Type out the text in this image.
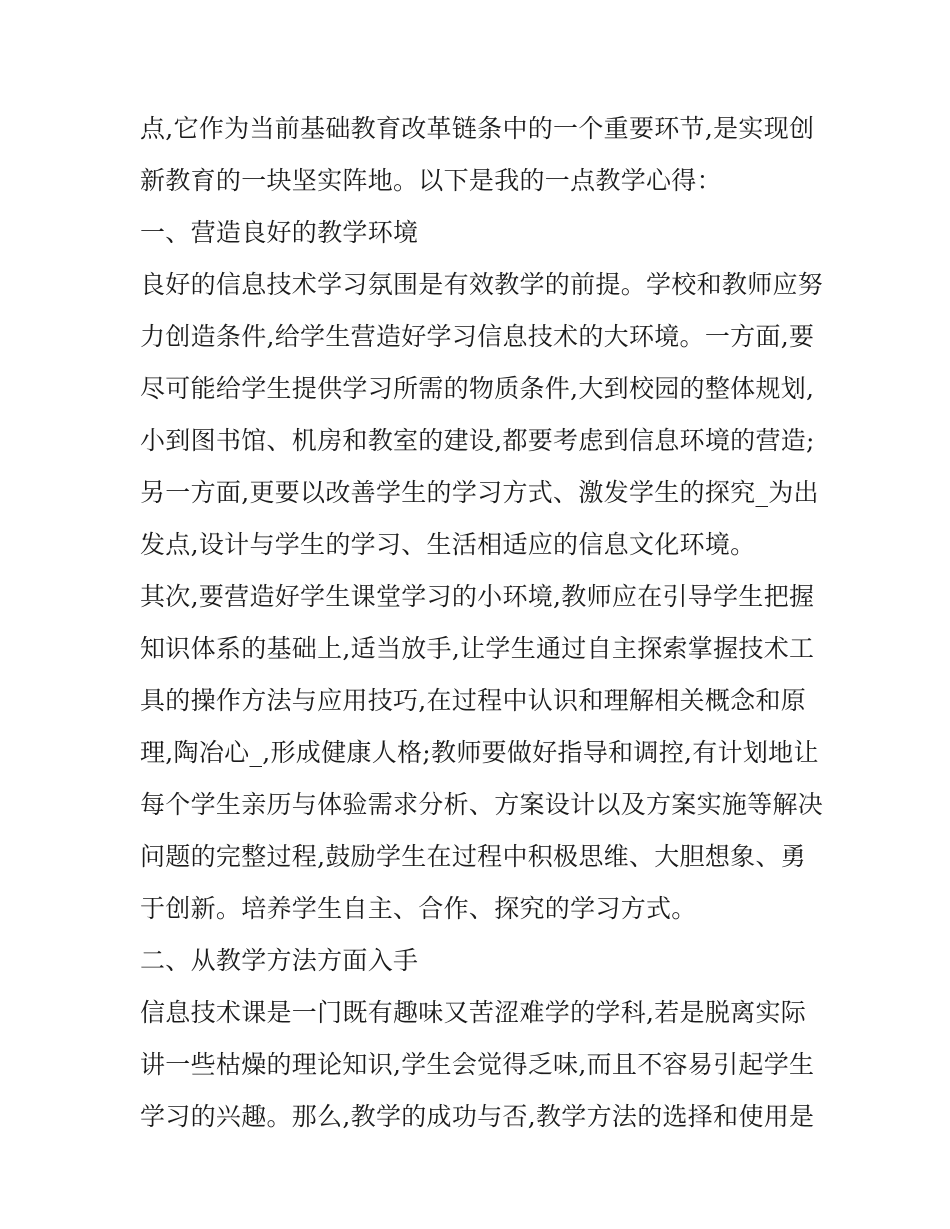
点,它作为当前基础教育改革链条中的一个重要环节,是实现创
新教育的一块坚实阵地。以下是我的一点教学心得：
一、营造良好的教学环境
良好的信息技术学习氛围是有效教学的前提。学校和教师应努
力创造条件,给学生营造好学习信息技术的大环境。一方面,要
尽可能给学生提供学习所需的物质条件,大到校园的整体规划,
小到图书馆、机房和教室的建设,都要考虑到信息环境的营造;
另一方面,更要以改善学生的学习方式、激发学生的探究_为出
发点,设计与学生的学习、生活相适应的信息文化环境。
其次,要营造好学生课堂学习的小环境,教师应在引导学生把握
知识体系的基础上,适当放手,让学生通过自主探索掌握技术工
具的操作方法与应用技巧,在过程中认识和理解相关概念和原
理,陶冶心_,形成健康人格;教师要做好指导和调控,有计划地让
每个学生亲历与体验需求分析、方案设计以及方案实施等解决
问题的完整过程,鼓励学生在过程中积极思维、大胆想象、勇
于创新。培养学生自主、合作、探究的学习方式。
二、从教学方法方面入手
信息技术课是一门既有趣味又苦涩难学的学科,若是脱离实际
讲一些枯燥的理论知识,学生会觉得乏味,而且不容易引起学生
学习的兴趣。那么,教学的成功与否,教学方法的选择和使用是
